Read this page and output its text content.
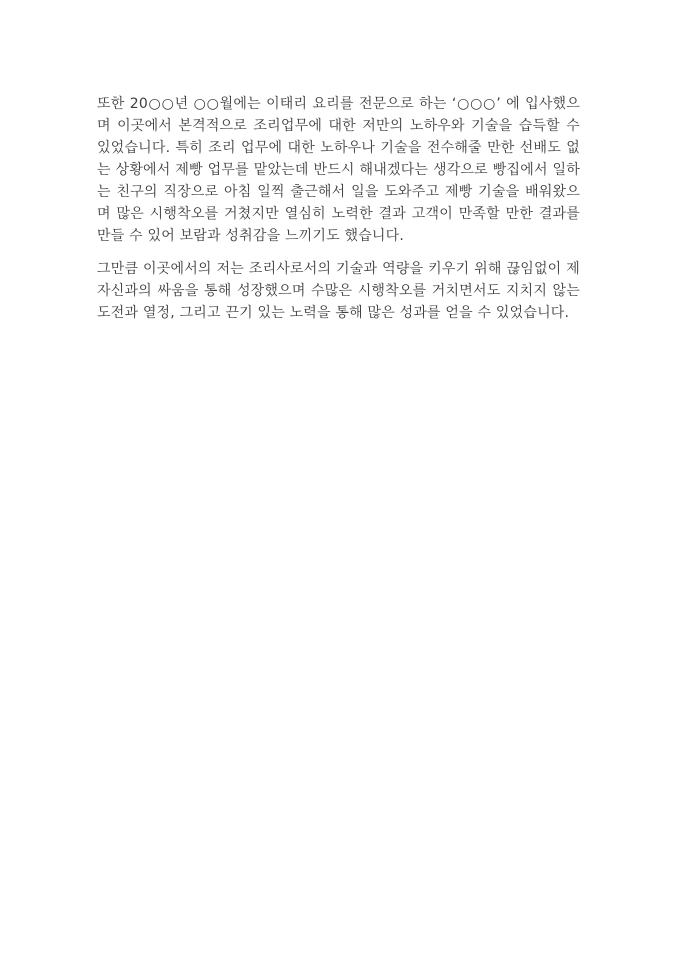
또한 20○○년 ○○월에는 이태리 요리를 전문으로 하는 ‘○○○’ 에 입사했으며 이곳에서 본격적으로 조리업무에 대한 저만의 노하우와 기술을 습득할 수 있었습니다. 특히 조리 업무에 대한 노하우나 기술을 전수해줄 만한 선배도 없는 상황에서 제빵 업무를 맡았는데 반드시 해내겠다는 생각으로 빵집에서 일하는 친구의 직장으로 아침 일찍 출근해서 일을 도와주고 제빵 기술을 배워왔으며 많은 시행착오를 거쳤지만 열심히 노력한 결과 고객이 만족할 만한 결과를 만들 수 있어 보람과 성취감을 느끼기도 했습니다.

그만큼 이곳에서의 저는 조리사로서의 기술과 역량을 키우기 위해 끊임없이 제 자신과의 싸움을 통해 성장했으며 수많은 시행착오를 거치면서도 지치지 않는 도전과 열정, 그리고 끈기 있는 노력을 통해 많은 성과를 얻을 수 있었습니다.
